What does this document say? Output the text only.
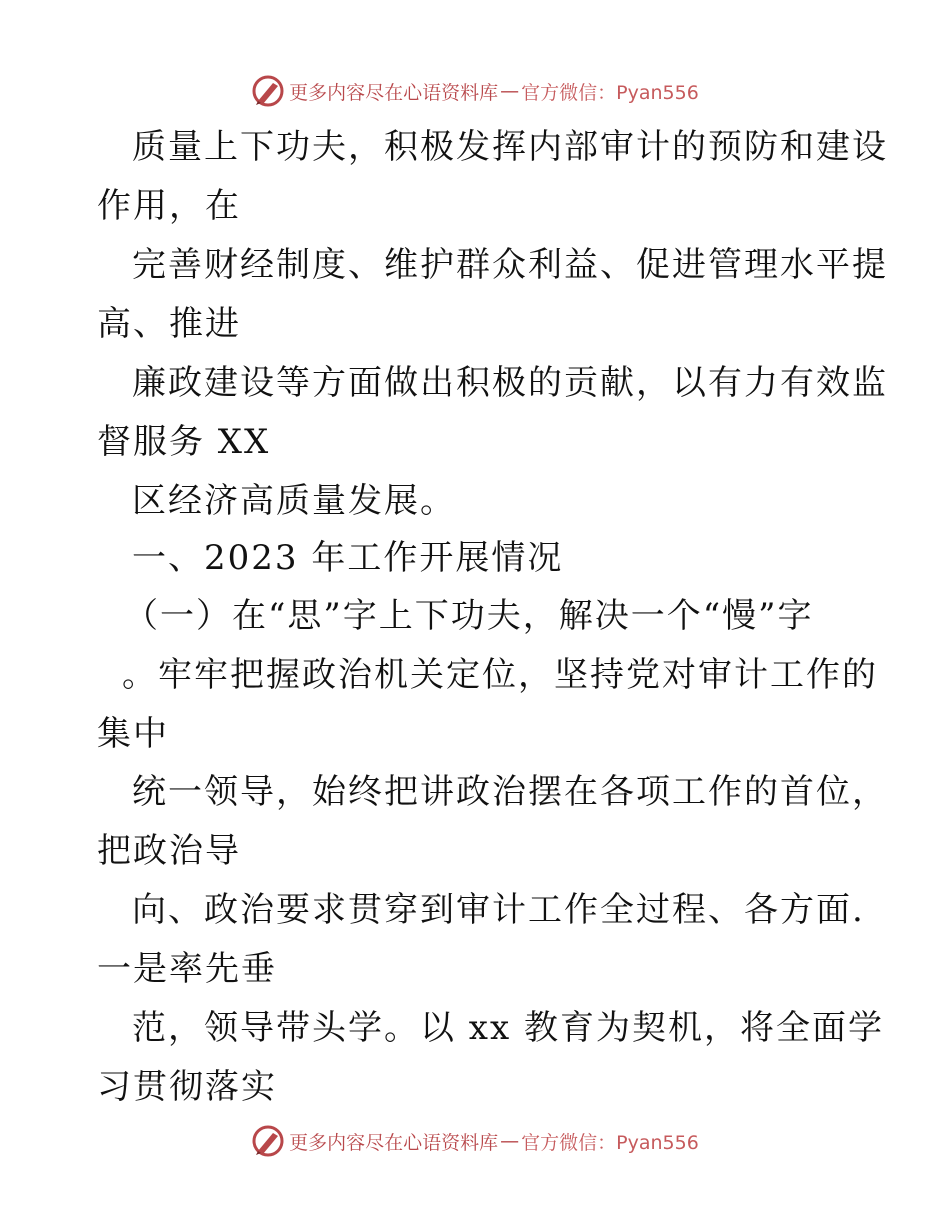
更多内容尽在心语资料库 — 官方微信：Pyan556
质量上下功夫，积极发挥内部审计的预防和建设
作用，在
完善财经制度、维护群众利益、促进管理水平提
高、推进
廉政建设等方面做出积极的贡献，以有力有效监
督服务 XX
区经济高质量发展。
一、2023 年工作开展情况
（一）在“思”字上下功夫，解决一个“慢”字
。牢牢把握政治机关定位，坚持党对审计工作的
集中
统一领导，始终把讲政治摆在各项工作的首位，
把政治导
向、政治要求贯穿到审计工作全过程、各方面.
一是率先垂
范，领导带头学。以 xx 教育为契机，将全面学
习贯彻落实
更多内容尽在心语资料库 — 官方微信：Pyan556
